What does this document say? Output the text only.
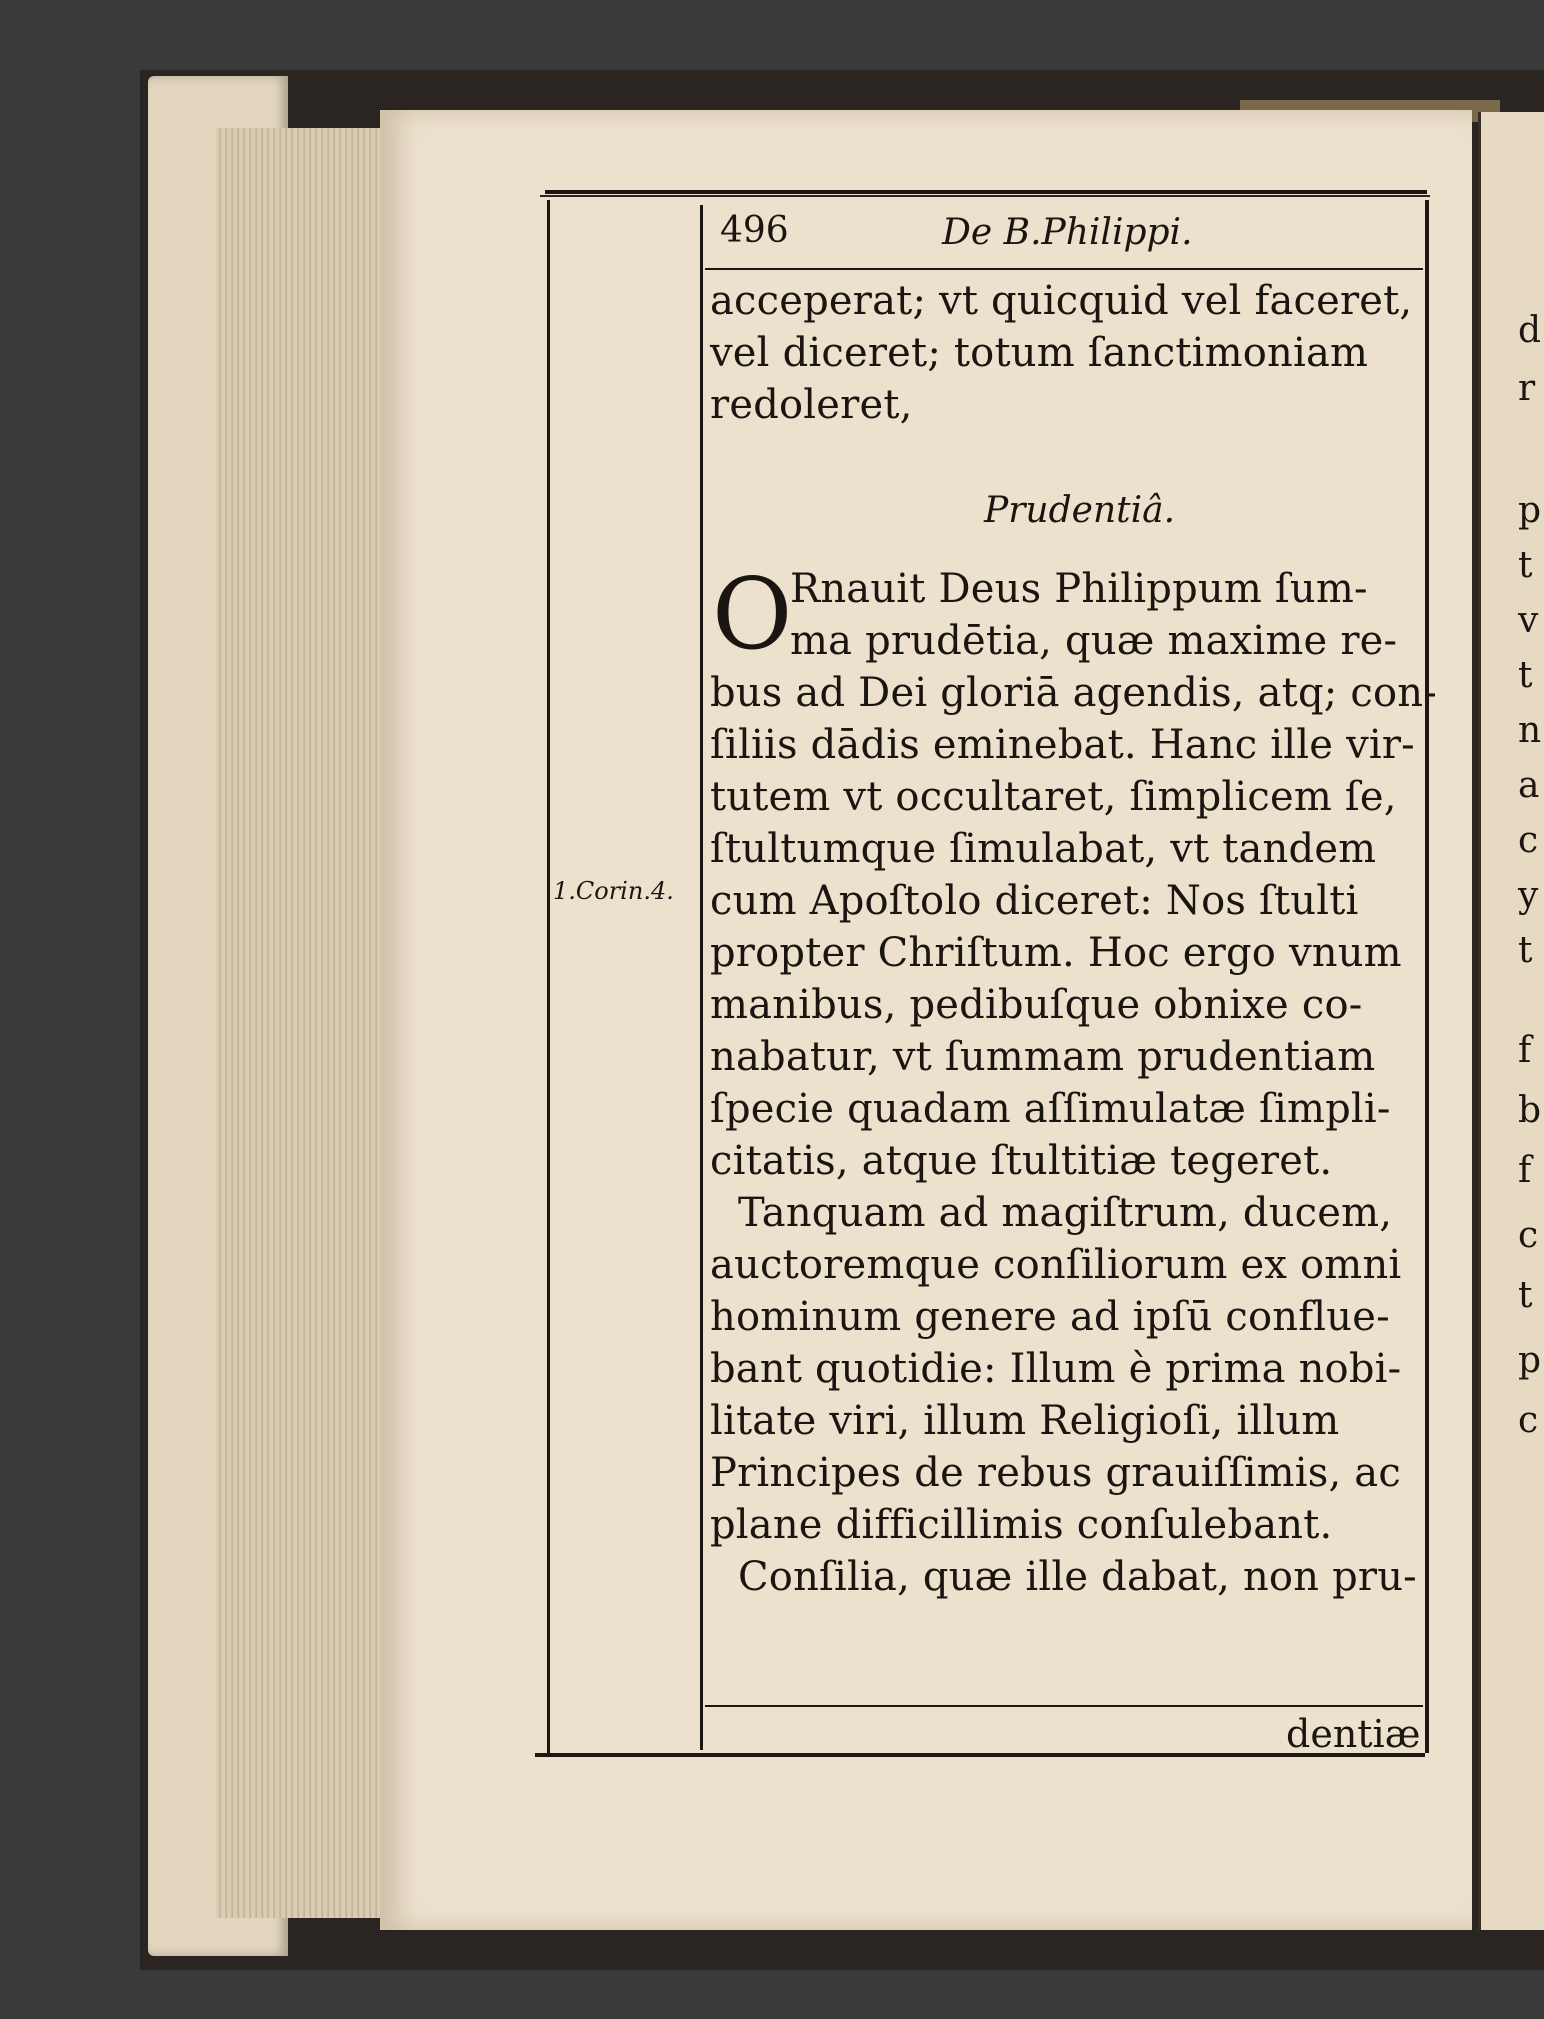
496	De B.Philippi.
acceperat; vt quicquid vel faceret,
vel diceret; totum ſanctimoniam
redoleret,
Prudentiâ.
O
Rnauit Deus Philippum ſum-
ma prudētia, quæ maxime re-
bus ad Dei gloriā agendis, atq; con-
ſiliis dādis eminebat. Hanc ille vir-
tutem vt occultaret, ſimplicem ſe,
ſtultumque ſimulabat, vt tandem
cum Apoſtolo diceret: Nos ſtulti
propter Chriſtum. Hoc ergo vnum
manibus, pedibuſque obnixe co-
nabatur, vt ſummam prudentiam
ſpecie quadam aſſimulatæ ſimpli-
citatis, atque ſtultitiæ tegeret.
Tanquam ad magiſtrum, ducem,
auctoremque conſiliorum ex omni
hominum genere ad ipſū conflue-
bant quotidie: Illum è prima nobi-
litate viri, illum Religioſi, illum
Principes de rebus grauiſſimis, ac
plane difficillimis conſulebant.
Conſilia, quæ ille dabat, non pru-
1.Corin.4.
dentiæ
d
r
p
t
v
t
n
a
c
y
t
f
b
f
c
t
p
c
